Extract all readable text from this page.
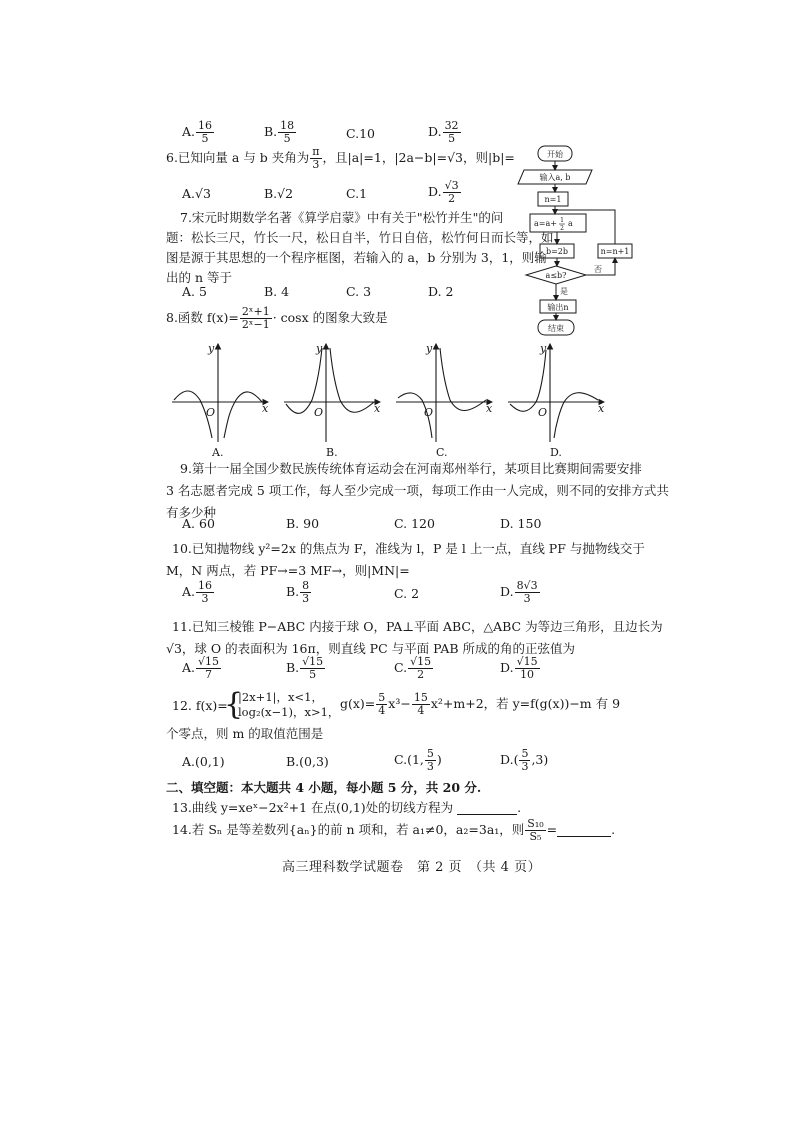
A. $\frac{16}{5}$	B. $\frac{18}{5}$	C.10	D. $\frac{32}{5}$
6.已知向量 a 与 b 夹角为 $\frac{\pi}{3}$ ，且|a|=1，|2a−b|=√3，则|b|=
A.√3	B.√2	C.1	D. $\frac{√3}{2}$
7.宋元时期数学名著《算学启蒙》中有关于"松竹并生"的问
题：松长三尺，竹长一尺，松日自半，竹日自倍，松竹何日而长等，如
图是源于其思想的一个程序框图，若输入的 a，b 分别为 3，1，则输
出的 n 等于
A. 5	B. 4	C. 3	D. 2
开始
输入a, b
n=1
a=a+ 1
2
a
b=2b
a≤b?
n=n+1
否
是
输出n
结束
8.函数 $f(x)= \frac{\text{2ˣ+1}}{\text{2ˣ−1}} \cdot \cos x$ 的图象大致是
y
x
O
y
x
O
y
x
O
y
x
O
A.	B.	C.	D.
9.第十一届全国少数民族传统体育运动会在河南郑州举行，某项目比赛期间需要安排
3 名志愿者完成 5 项工作，每人至少完成一项，每项工作由一人完成，则不同的安排方式共
有多少种
A. 60	B. 90	C. 120	D. 150
10.已知抛物线 y²=2x 的焦点为 F，准线为 l，P 是 l 上一点，直线 PF 与抛物线交于
M，N 两点，若 PF→=3 MF→，则|MN|=
A. $\frac{16}{3}$	B. $\frac{8}{3}$	C. 2	D. $\frac{8√3}{3}$
11.已知三棱锥 P−ABC 内接于球 O，PA⊥平面 ABC，△ABC 为等边三角形，且边长为
√3，球 O 的表面积为 16π，则直线 PC 与平面 PAB 所成的角的正弦值为
A. $\frac{√15}{7}$	B. $\frac{√15}{5}$	C. $\frac{√15}{2}$	D. $\frac{√15}{10}$
12. f(x)=
{
|2x+1|，x<1，
log₂(x−1)，x>1，
$g(x)= \frac{5}{4} x^3- \frac{15}{4} x^2+m+2$，若 y=f(g(x))−m 有 9
个零点，则 m 的取值范围是
A.(0,1)	B.(0,3)	C.(1, $\frac{5}{3}$ )	$D.( \frac{5}{3} ,3)$
二、填空题：本大题共 4 小题，每小题 5 分，共 20 分.
13.曲线 y=xeˣ−2x²+1 在点(0,1)处的切线方程为	.
14.若 Sₙ 是等差数列{aₙ}的前 n 项和，若 a₁≠0，a₂=3a₁，则 $\frac{\text{S₁₀}}{\text{S₅}}$ =	.
高三理科数学试题卷　第 2 页　（共 4 页）
